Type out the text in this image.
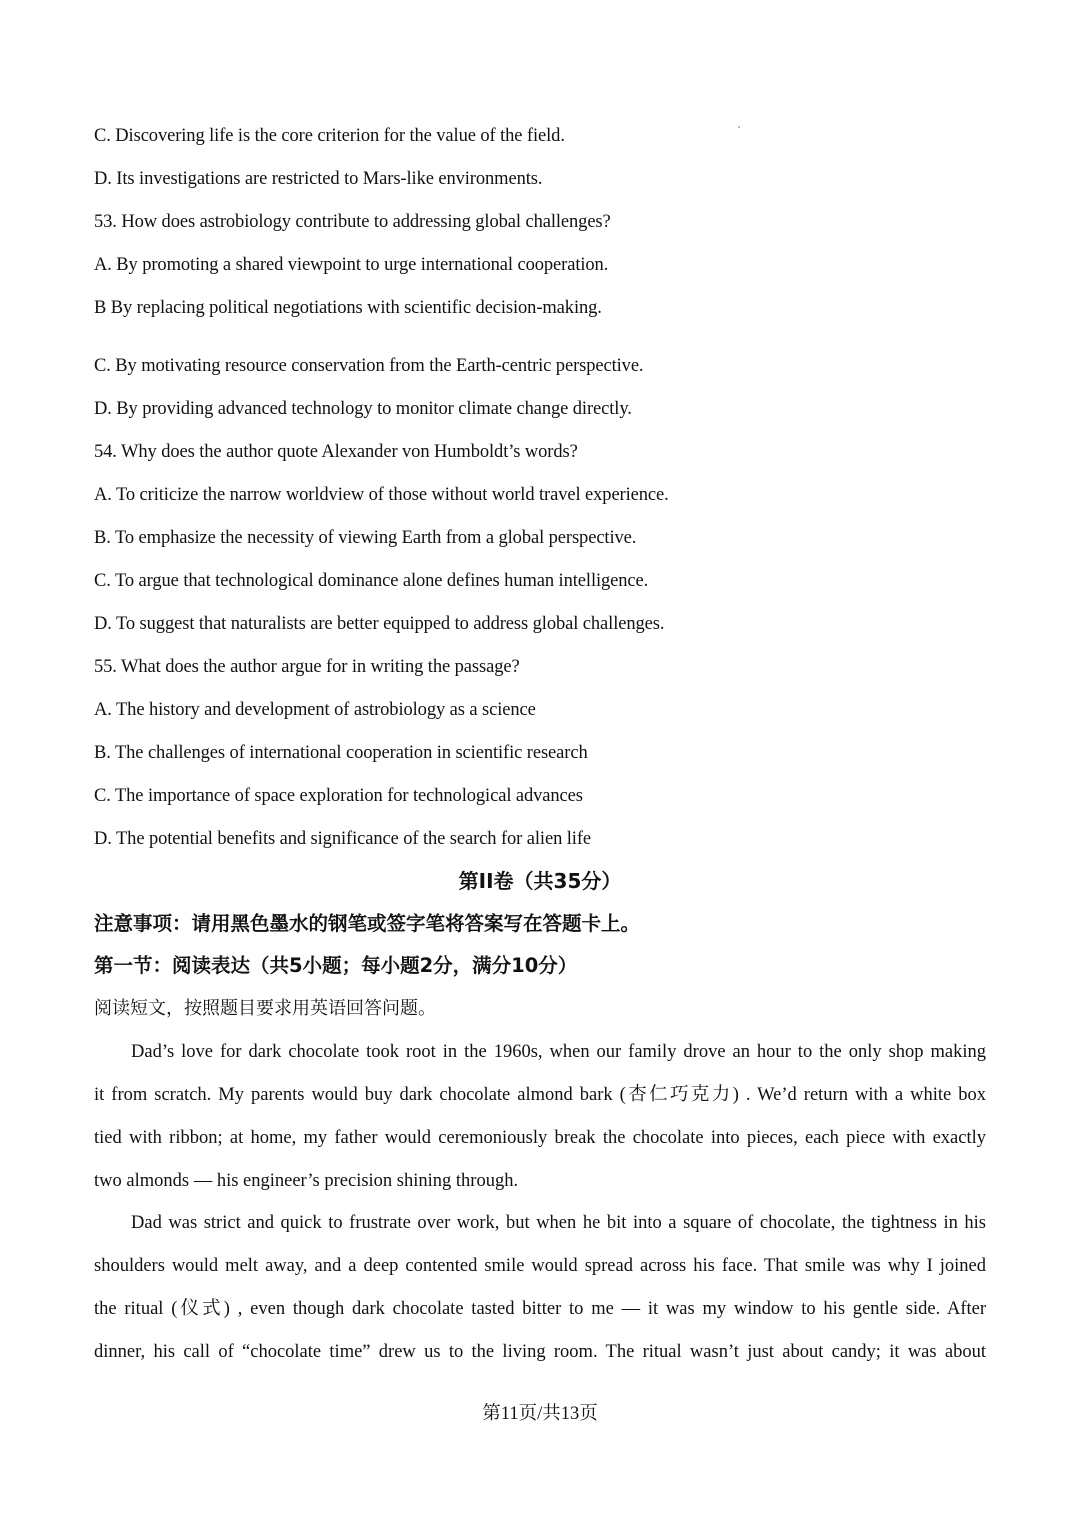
C. Discovering life is the core criterion for the value of the field.
D. Its investigations are restricted to Mars-like environments.
53. How does astrobiology contribute to addressing global challenges?
A. By promoting a shared viewpoint to urge international cooperation.
B By replacing political negotiations with scientific decision-making.
C. By motivating resource conservation from the Earth-centric perspective.
D. By providing advanced technology to monitor climate change directly.
54. Why does the author quote Alexander von Humboldt’s words?
A. To criticize the narrow worldview of those without world travel experience.
B. To emphasize the necessity of viewing Earth from a global perspective.
C. To argue that technological dominance alone defines human intelligence.
D. To suggest that naturalists are better equipped to address global challenges.
55. What does the author argue for in writing the passage?
A. The history and development of astrobiology as a science
B. The challenges of international cooperation in scientific research
C. The importance of space exploration for technological advances
D. The potential benefits and significance of the search for alien life
第II卷（共35分）
注意事项：请用黑色墨水的钢笔或签字笔将答案写在答题卡上。
第一节：阅读表达（共5小题；每小题2分，满分10分）
阅读短文，按照题目要求用英语回答问题。
Dad’s love for dark chocolate took root in the 1960s, when our family drove an hour to the only shop making
it from scratch. My parents would buy dark chocolate almond bark (杏仁巧克力) . We’d return with a white box
tied with ribbon; at home, my father would ceremoniously break the chocolate into pieces, each piece with exactly
two almonds — his engineer’s precision shining through.
Dad was strict and quick to frustrate over work, but when he bit into a square of chocolate, the tightness in his
shoulders would melt away, and a deep contented smile would spread across his face. That smile was why I joined
the ritual (仪式) , even though dark chocolate tasted bitter to me — it was my window to his gentle side. After
dinner, his call of “chocolate time” drew us to the living room. The ritual wasn’t just about candy; it was about
第11页/共13页
